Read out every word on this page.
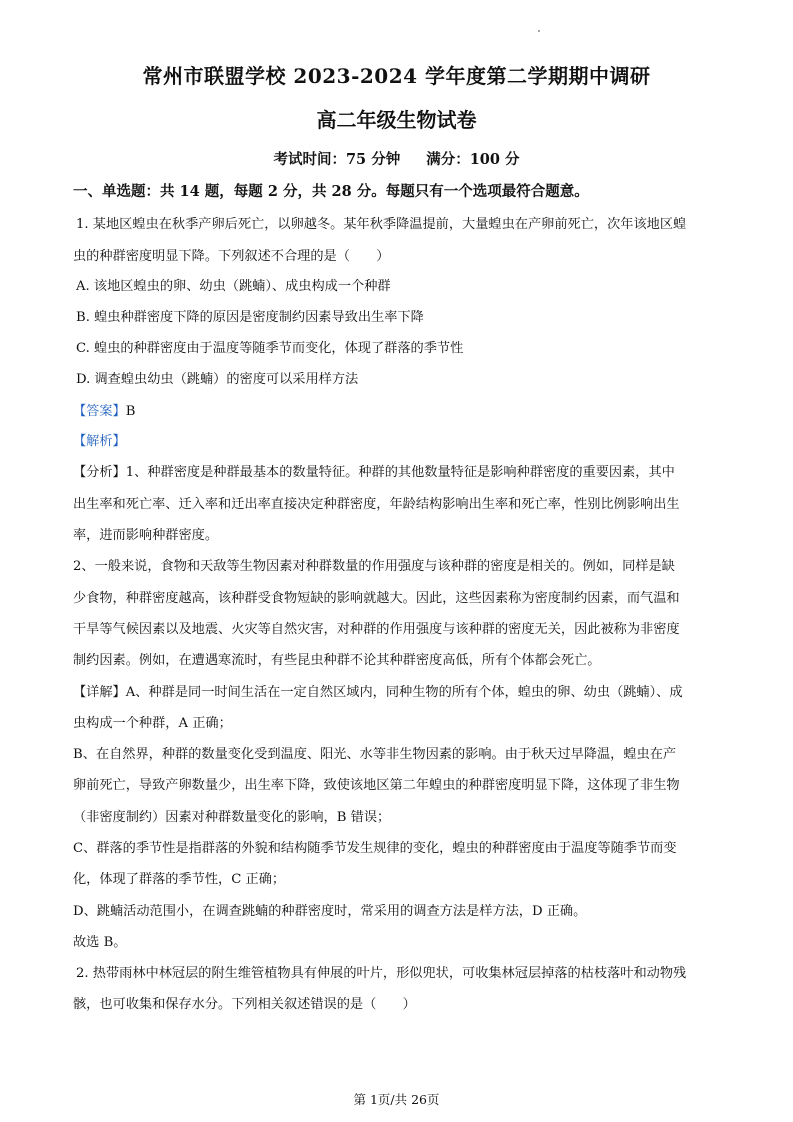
常州市联盟学校 2023-2024 学年度第二学期期中调研
高二年级生物试卷
考试时间：75 分钟 满分：100 分
一、单选题：共 14 题，每题 2 分，共 28 分。每题只有一个选项最符合题意。
1. 某地区蝗虫在秋季产卵后死亡，以卵越冬。某年秋季降温提前，大量蝗虫在产卵前死亡，次年该地区蝗
虫的种群密度明显下降。下列叙述不合理的是（　　）
A. 该地区蝗虫的卵、幼虫（跳蝻）、成虫构成一个种群
B. 蝗虫种群密度下降的原因是密度制约因素导致出生率下降
C. 蝗虫的种群密度由于温度等随季节而变化，体现了群落的季节性
D. 调查蝗虫幼虫（跳蝻）的密度可以采用样方法
【答案】B
【解析】
【分析】1、种群密度是种群最基本的数量特征。种群的其他数量特征是影响种群密度的重要因素，其中
出生率和死亡率、迁入率和迁出率直接决定种群密度，年龄结构影响出生率和死亡率，性别比例影响出生
率，进而影响种群密度。
2、一般来说，食物和天敌等生物因素对种群数量的作用强度与该种群的密度是相关的。例如，同样是缺
少食物，种群密度越高，该种群受食物短缺的影响就越大。因此，这些因素称为密度制约因素，而气温和
干旱等气候因素以及地震、火灾等自然灾害，对种群的作用强度与该种群的密度无关，因此被称为非密度
制约因素。例如，在遭遇寒流时，有些昆虫种群不论其种群密度高低，所有个体都会死亡。
【详解】A、种群是同一时间生活在一定自然区域内，同种生物的所有个体，蝗虫的卵、幼虫（跳蝻）、成
虫构成一个种群，A 正确；
B、在自然界，种群的数量变化受到温度、阳光、水等非生物因素的影响。由于秋天过早降温，蝗虫在产
卵前死亡，导致产卵数量少，出生率下降，致使该地区第二年蝗虫的种群密度明显下降，这体现了非生物
（非密度制约）因素对种群数量变化的影响，B 错误；
C、群落的季节性是指群落的外貌和结构随季节发生规律的变化，蝗虫的种群密度由于温度等随季节而变
化，体现了群落的季节性，C 正确；
D、跳蝻活动范围小，在调查跳蝻的种群密度时，常采用的调查方法是样方法，D 正确。
故选 B。
2. 热带雨林中林冠层的附生维管植物具有伸展的叶片，形似兜状，可收集林冠层掉落的枯枝落叶和动物残
骸，也可收集和保存水分。下列相关叙述错误的是（　　）
第 1页/共 26页
